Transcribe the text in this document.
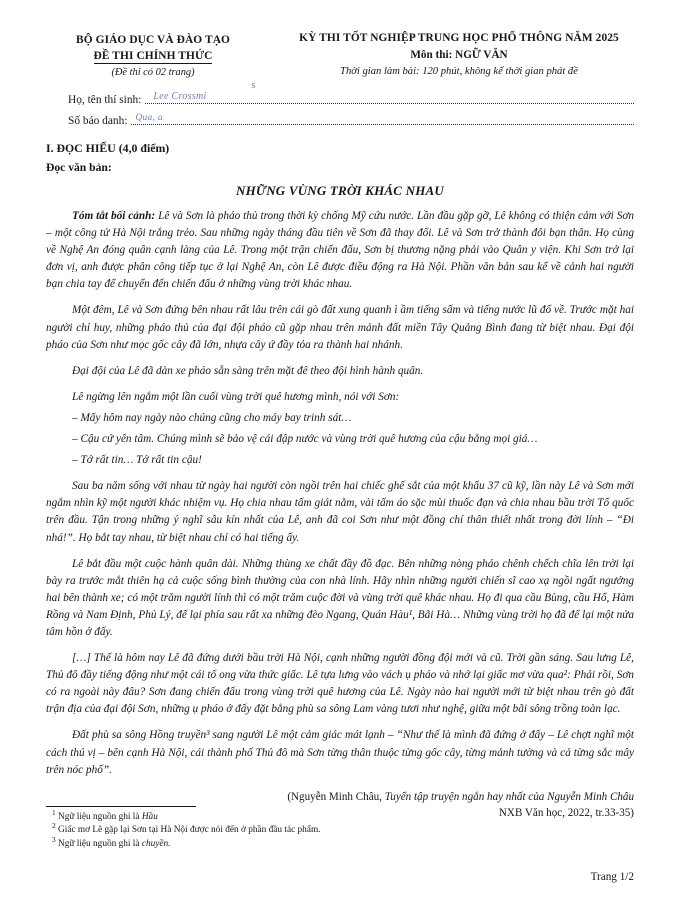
BỘ GIÁO DỤC VÀ ĐÀO TẠO
ĐỀ THI CHÍNH THỨC
(Đề thi có 02 trang)
KỲ THI TỐT NGHIỆP TRUNG HỌC PHỔ THÔNG NĂM 2025
Môn thi: NGỮ VĂN
Thời gian làm bài: 120 phút, không kể thời gian phát đề
Họ, tên thí sinh: Lee Crossmi
s
Số báo danh: Qua, a
I. ĐỌC HIỂU (4,0 điểm)
Đọc văn bản:
NHỮNG VÙNG TRỜI KHÁC NHAU

Tóm tắt bối cảnh: Lê và Sơn là pháo thủ trong thời kỳ chống Mỹ cứu nước. Lần đầu gặp gỡ, Lê không có thiện cảm với Sơn – một công tử Hà Nội trắng trẻo. Sau những ngày tháng đầu tiên về Sơn đã thay đổi. Lê và Sơn trở thành đôi bạn thân. Họ cùng về Nghệ An đóng quân cạnh làng của Lê. Trong một trận chiến đấu, Sơn bị thương nặng phải vào Quân y viện. Khi Sơn trở lại đơn vị, anh được phân công tiếp tục ở lại Nghệ An, còn Lê được điều động ra Hà Nội. Phần văn bản sau kể về cảnh hai người bạn chia tay để chuyển đến chiến đấu ở những vùng trời khác nhau.

Một đêm, Lê và Sơn đứng bên nhau rất lâu trên cái gò đất xung quanh ì ầm tiếng sấm và tiếng nước lũ đổ về. Trước mặt hai người chỉ huy, những pháo thủ của đại đội pháo cũ gặp nhau trên mảnh đất miền Tây Quảng Bình đang từ biệt nhau. Đại đội pháo của Sơn như mọc gốc cây đã lớn, nhựa cây ứ đầy tỏa ra thành hai nhánh.

Đại đội của Lê đã dàn xe pháo sẵn sàng trên mặt đê theo đội hình hành quân.

Lê ngừng lên ngắm một lần cuối vùng trời quê hương mình, nói với Sơn:

– Mấy hôm nay ngày nào chúng cũng cho máy bay trinh sát…

– Cậu cứ yên tâm. Chúng mình sẽ bảo vệ cái đập nước và vùng trời quê hương của cậu bằng mọi giá…

– Tớ rất tin… Tớ rất tin cậu!

Sau ba năm sống với nhau từ ngày hai người còn ngồi trên hai chiếc ghế sắt của một khẩu 37 cũ kỹ, lần này Lê và Sơn mới ngắm nhìn kỹ một người khác nhiệm vụ. Họ chia nhau tấm giát nằm, vài tấm áo sặc mùi thuốc đạn và chia nhau bầu trời Tổ quốc trên đầu. Tận trong những ý nghĩ sâu kín nhất của Lê, anh đã coi Sơn như một đồng chí thân thiết nhất trong đời lính – “Đi nhá!”. Họ bắt tay nhau, từ biệt nhau chỉ có hai tiếng ấy.

Lê bắt đầu một cuộc hành quân dài. Những thùng xe chất đầy đồ đạc. Bên những nòng pháo chênh chếch chĩa lên trời lại bày ra trước mắt thiên hạ cả cuộc sống bình thường của con nhà lính. Hãy nhìn những người chiến sĩ cao xạ ngồi ngất ngưởng hai bên thành xe; có một trăm người lính thì có một trăm cuộc đời và vùng trời quê khác nhau. Họ đi qua cầu Bùng, cầu Hổ, Hàm Rồng và Nam Định, Phủ Lý, để lại phía sau rất xa những đèo Ngang, Quán Hàu¹, Bãi Hà… Những vùng trời họ đã để lại một nửa tâm hồn ở đấy.

[…] Thế là hôm nay Lê đã đứng dưới bầu trời Hà Nội, cạnh những người đồng đội mới và cũ. Trời gần sáng. Sau lưng Lê, Thủ đô đầy tiếng động như một cái tổ ong vừa thức giấc. Lê tựa lưng vào vách ụ pháo và nhớ lại giấc mơ vừa qua²: Phải rồi, Sơn có ra ngoài này đâu? Sơn đang chiến đấu trong vùng trời quê hương của Lê. Ngày nào hai người mới từ biệt nhau trên gò đất trận địa của đại đội Sơn, những ụ pháo ở đấy đặt bằng phù sa sông Lam vàng tươi như nghệ, giữa một bãi sông trồng toàn lạc.

Đất phù sa sông Hồng truyền³ sang người Lê một cảm giác mát lạnh – “Như thế là mình đã đứng ở đấy – Lê chợt nghĩ một cách thú vị – bên cạnh Hà Nội, cái thành phố Thủ đô mà Sơn từng thân thuộc từng gốc cây, từng mảnh tường và cả từng sắc mây trên nóc phố”.

(Nguyễn Minh Châu, Tuyển tập truyện ngắn hay nhất của Nguyễn Minh Châu
NXB Văn học, 2022, tr.33-35)
$^1$ Ngữ liệu nguồn ghi là Hầu
$^2$ Giấc mơ Lê gặp lại Sơn tại Hà Nội được nói đến ở phần đầu tác phẩm.
$^3$ Ngữ liệu nguồn ghi là chuyền.
Trang 1/2
